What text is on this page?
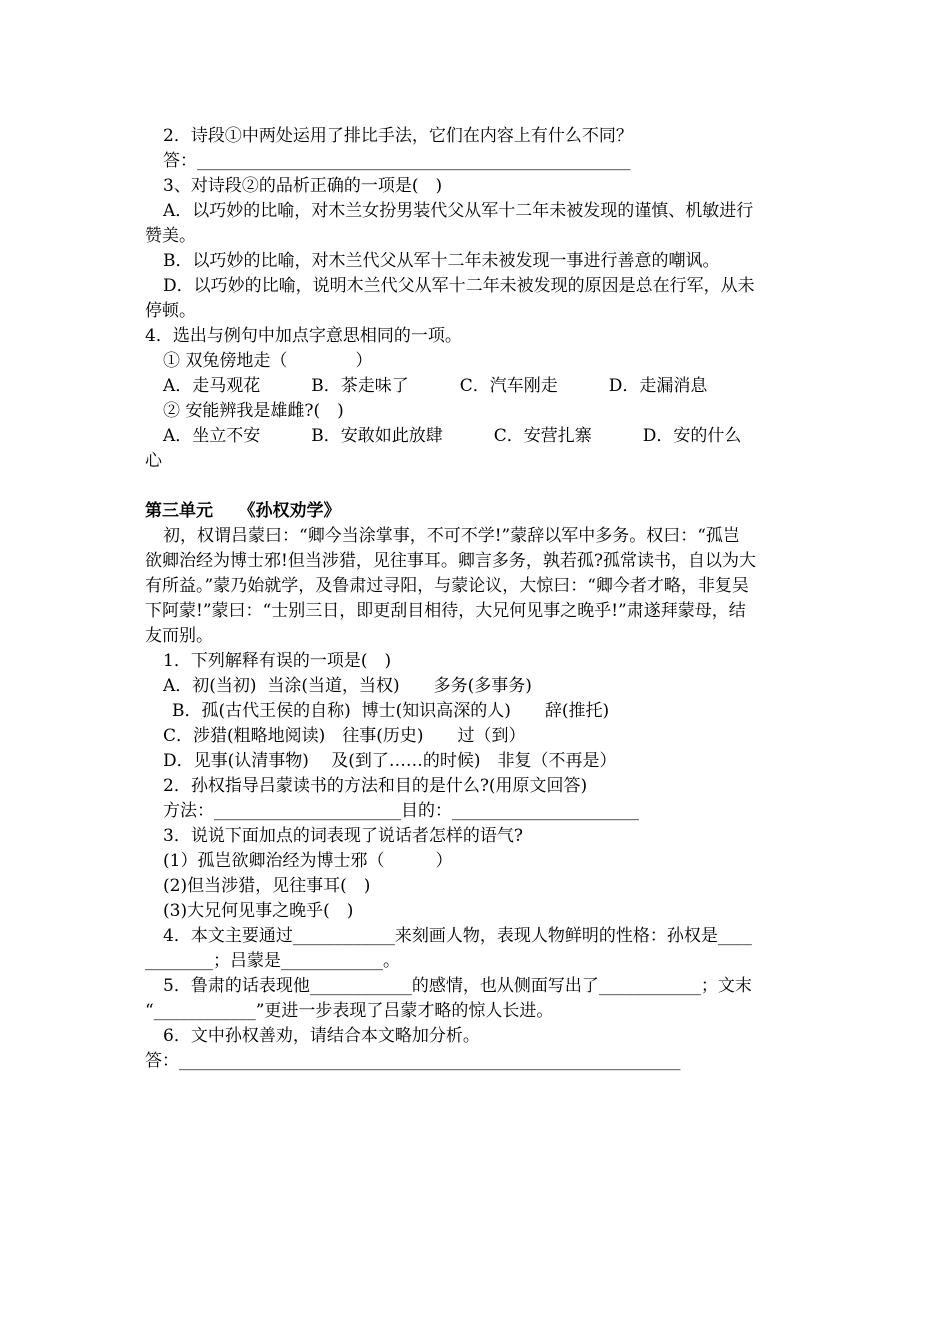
2．诗段①中两处运用了排比手法，它们在内容上有什么不同？
答：___________________________________________________
3、对诗段②的品析正确的一项是(　)
A．以巧妙的比喻，对木兰女扮男装代父从军十二年未被发现的谨慎、机敏进行
赞美。
B．以巧妙的比喻，对木兰代父从军十二年未被发现一事进行善意的嘲讽。
D．以巧妙的比喻，说明木兰代父从军十二年未被发现的原因是总在行军，从未
停顿。
4．选出与例句中加点字意思相同的一项。
① 双兔傍地走（　　　　）
A．走马观花　　　B．茶走味了　　　C．汽车刚走　　　D．走漏消息
② 安能辨我是雄雌?(　)
A．坐立不安　　　B．安敢如此放肆　　　C．安营扎寨　　　D．安的什么
心
第三单元　　《孙权劝学》
初，权谓吕蒙曰：“卿今当涂掌事，不可不学!”蒙辞以军中多务。权曰：“孤岂
欲卿治经为博士邪!但当涉猎，见往事耳。卿言多务，孰若孤?孤常读书，自以为大
有所益。”蒙乃始就学，及鲁肃过寻阳，与蒙论议，大惊曰：“卿今者才略，非复吴
下阿蒙!”蒙曰：“士别三日，即更刮目相待，大兄何见事之晚乎!”肃遂拜蒙母，结
友而别。
1．下列解释有误的一项是(　)
A．初(当初)  当涂(当道，当权)　　多务(多事务)
B．孤(古代王侯的自称)  博士(知识高深的人)　　辞(推托)
C．涉猎(粗略地阅读)　往事(历史)　　过（到）
D．见事(认清事物)　 及(到了……的时候)　非复（不再是）
2．孙权指导吕蒙读书的方法和目的是什么?(用原文回答)
方法：______________________目的：______________________
3．说说下面加点的词表现了说话者怎样的语气?
(1）孤岂欲卿治经为博士邪（　　　）
(2)但当涉猎，见往事耳(　)
(3)大兄何见事之晚乎(　)
4．本文主要通过____________来刻画人物，表现人物鲜明的性格：孙权是____
________；吕蒙是____________。
5．鲁肃的话表现他____________的感情，也从侧面写出了____________；文末
“____________”更进一步表现了吕蒙才略的惊人长进。
6．文中孙权善劝，请结合本文略加分析。
答：___________________________________________________________
